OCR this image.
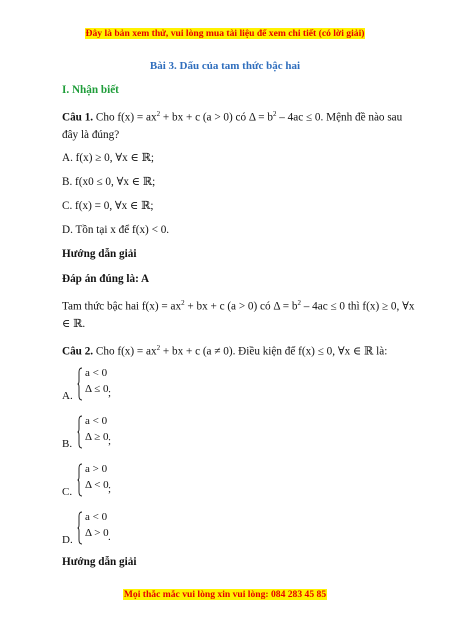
Đây là bản xem thử, vui lòng mua tài liệu để xem chi tiết (có lời giải)
Bài 3. Dấu của tam thức bậc hai
I. Nhận biết
Câu 1. Cho $f(x) = ax^2$ + bx + c (a > 0) có $\Delta = b^2 - 4ac \le 0$. Mệnh đề nào sau
đây là đúng?
A. f(x) ≥ 0, ∀x ∈ ℝ;
B. f(x0 ≤ 0, ∀x ∈ ℝ;
C. f(x) = 0, ∀x ∈ ℝ;
D. Tồn tại x để f(x) < 0.
Hướng dẫn giải
Đáp án đúng là: A
Tam thức bậc hai $f(x) = ax^2$ + bx + c (a > 0) có $\Delta = b^2 - 4ac \le 0$ thì f(x) ≥ 0, ∀x
∈ ℝ.
Câu 2. Cho $f(x) = ax^2$ + bx + c (a ≠ 0). Điều kiện để f(x) ≤ 0, ∀x ∈ ℝ là:
a < 0
Δ ≤ 0
A.	;
a < 0
Δ ≥ 0
B.	;
a > 0
Δ < 0
C.	;
a < 0
Δ > 0
D.	.
Hướng dẫn giải
Mọi thắc mắc vui lòng xin vui lòng: 084 283 45 85
